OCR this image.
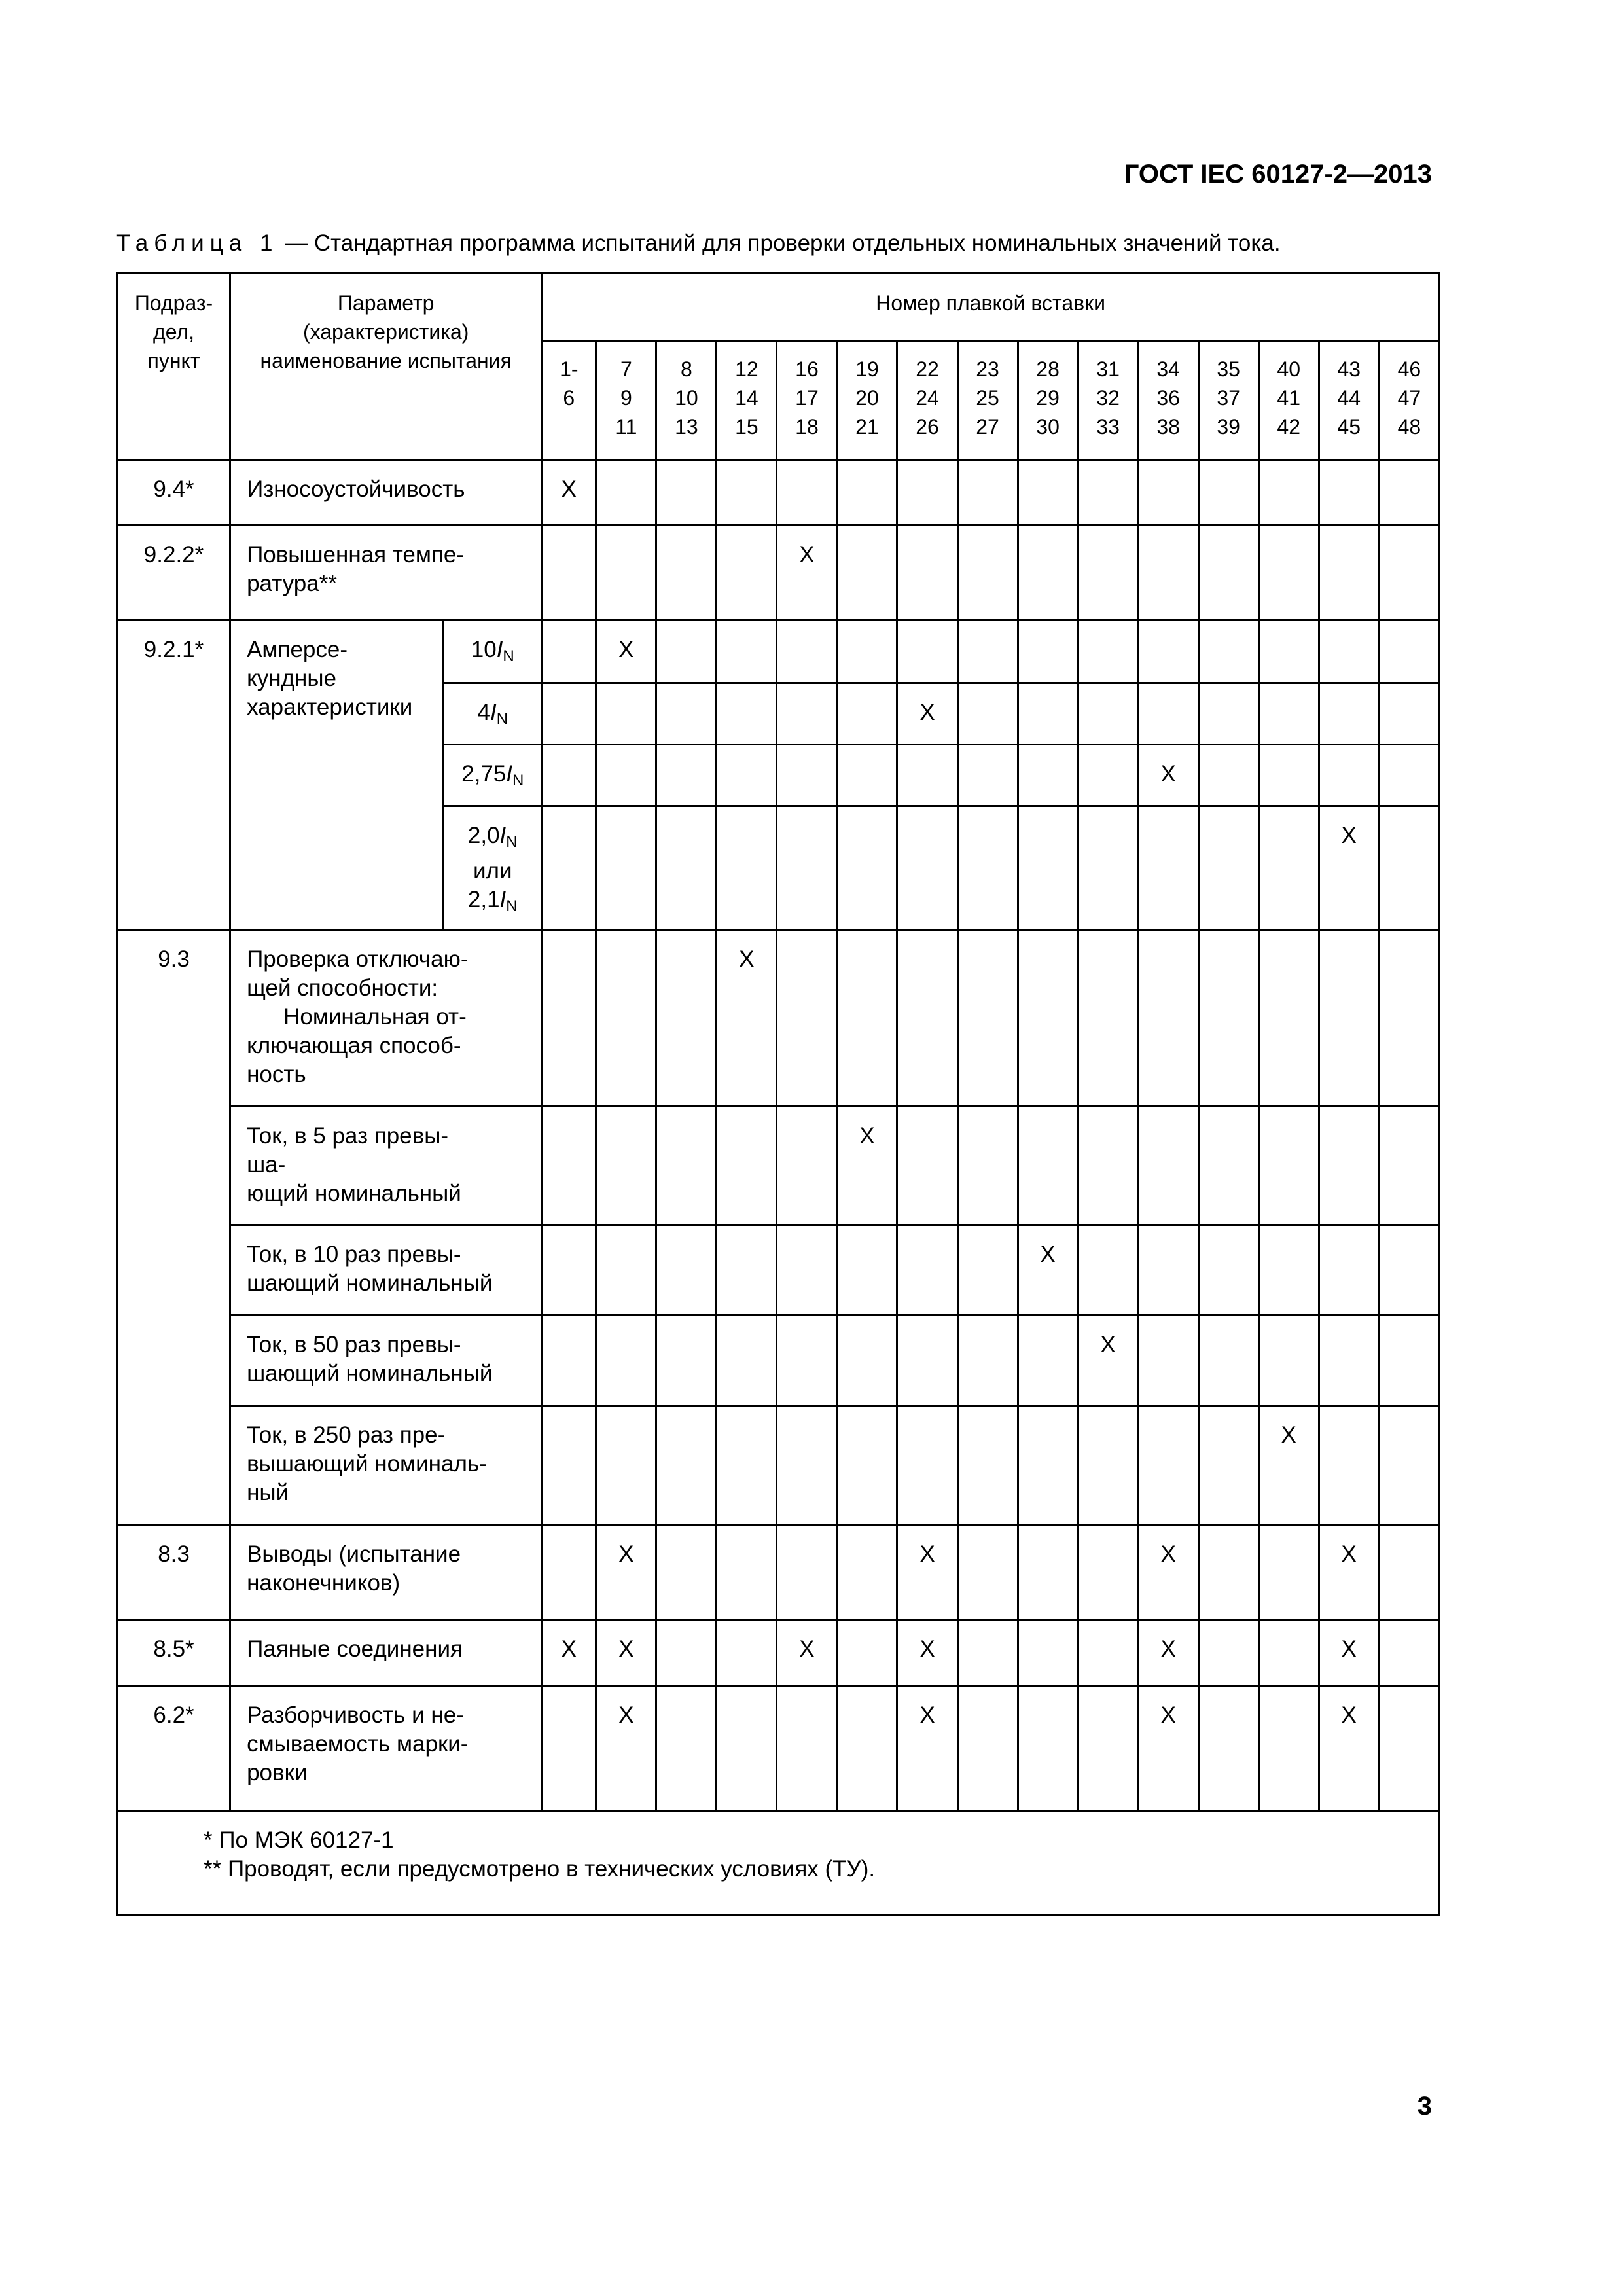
ГОСТ IEC 60127-2—2013
Таблица 1 — Стандартная программа испытаний для проверки отдельных номинальных значений тока.
Подраз-
дел,
пункт	Параметр
(характеристика)
наименование испытания		Номер плавкой вставки														
			1-
6	7
9
11	8
10
13	12
14
15	16
17
18	19
20
21	22
24
26	23
25
27	28
29
30	31
32
33	34
36
38	35
37
39	40
41
42	43
44
45	46
47
48
9.4*	Износоустойчивость		X														
9.2.2*	Повышенная темпе-
ратура**						X										
9.2.1*	Амперсе-
кундные
характеристики	$10I_N$		X													
		$4I_N$							X								
		$2,75I_N$											X				
		$2,0I_N$
или
$2,1I_N$														X	
9.3	Проверка отключаю-
щей способности:
Номинальная от-
ключающая способ-
ность					X											
	Ток, в 5 раз превы-
ша-
ющий номинальный							X									
	Ток, в 10 раз превы-
шающий номинальный										X						
	Ток, в 50 раз превы-
шающий номинальный											X					
	Ток, в 250 раз пре-
вышающий номиналь-
ный														X		
8.3	Выводы (испытание
наконечников)			X					X				X			X	
8.5*	Паяные соединения		X	X			X		X				X			X	
6.2*	Разборчивость и не-
смываемость марки-
ровки			X					X				X			X	

* По МЭК 60127-1
** Проводят, если предусмотрено в технических условиях (ТУ).																	
3
